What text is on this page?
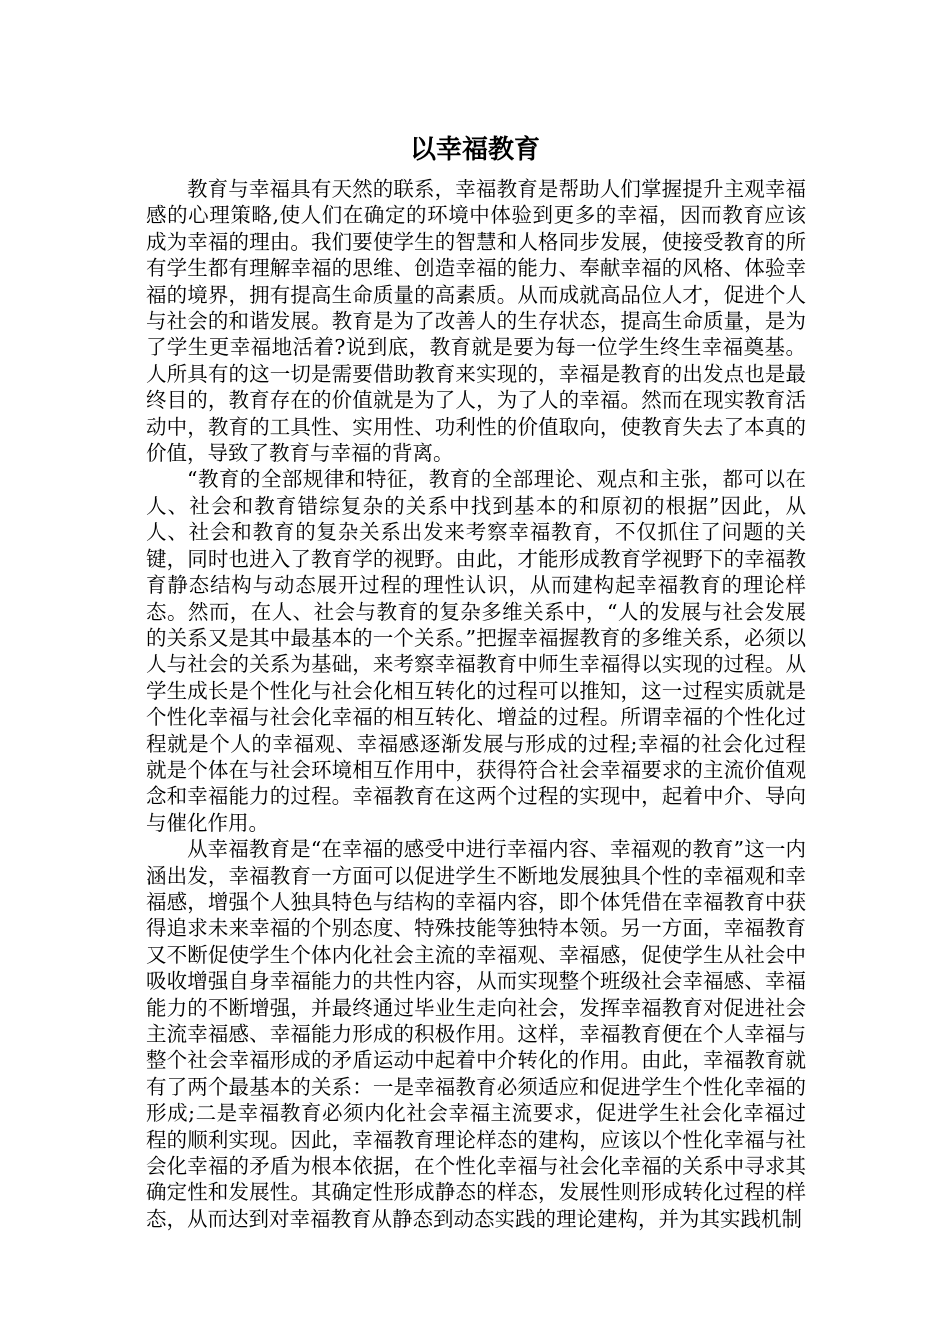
以幸福教育

教育与幸福具有天然的联系，幸福教育是帮助人们掌握提升主观幸福感的心理策略,使人们在确定的环境中体验到更多的幸福，因而教育应该成为幸福的理由。我们要使学生的智慧和人格同步发展，使接受教育的所有学生都有理解幸福的思维、创造幸福的能力、奉献幸福的风格、体验幸福的境界，拥有提高生命质量的高素质。从而成就高品位人才，促进个人与社会的和谐发展。教育是为了改善人的生存状态，提高生命质量，是为了学生更幸福地活着?说到底，教育就是要为每一位学生终生幸福奠基。人所具有的这一切是需要借助教育来实现的，幸福是教育的出发点也是最终目的，教育存在的价值就是为了人，为了人的幸福。然而在现实教育活动中，教育的工具性、实用性、功利性的价值取向，使教育失去了本真的价值，导致了教育与幸福的背离。

“教育的全部规律和特征，教育的全部理论、观点和主张，都可以在人、社会和教育错综复杂的关系中找到基本的和原初的根据”因此，从人、社会和教育的复杂关系出发来考察幸福教育，不仅抓住了问题的关键，同时也进入了教育学的视野。由此，才能形成教育学视野下的幸福教育静态结构与动态展开过程的理性认识，从而建构起幸福教育的理论样态。然而，在人、社会与教育的复杂多维关系中，“人的发展与社会发展的关系又是其中最基本的一个关系。”把握幸福握教育的多维关系，必须以人与社会的关系为基础，来考察幸福教育中师生幸福得以实现的过程。从学生成长是个性化与社会化相互转化的过程可以推知，这一过程实质就是个性化幸福与社会化幸福的相互转化、增益的过程。所谓幸福的个性化过程就是个人的幸福观、幸福感逐渐发展与形成的过程;幸福的社会化过程就是个体在与社会环境相互作用中，获得符合社会幸福要求的主流价值观念和幸福能力的过程。幸福教育在这两个过程的实现中，起着中介、导向与催化作用。

从幸福教育是“在幸福的感受中进行幸福内容、幸福观的教育”这一内涵出发，幸福教育一方面可以促进学生不断地发展独具个性的幸福观和幸福感，增强个人独具特色与结构的幸福内容，即个体凭借在幸福教育中获得追求未来幸福的个别态度、特殊技能等独特本领。另一方面，幸福教育又不断促使学生个体内化社会主流的幸福观、幸福感，促使学生从社会中吸收增强自身幸福能力的共性内容，从而实现整个班级社会幸福感、幸福能力的不断增强，并最终通过毕业生走向社会，发挥幸福教育对促进社会主流幸福感、幸福能力形成的积极作用。这样，幸福教育便在个人幸福与整个社会幸福形成的矛盾运动中起着中介转化的作用。由此，幸福教育就有了两个最基本的关系：一是幸福教育必须适应和促进学生个性化幸福的形成;二是幸福教育必须内化社会幸福主流要求，促进学生社会化幸福过程的顺利实现。因此，幸福教育理论样态的建构，应该以个性化幸福与社会化幸福的矛盾为根本依据，在个性化幸福与社会化幸福的关系中寻求其确定性和发展性。其确定性形成静态的样态，发展性则形成转化过程的样态，从而达到对幸福教育从静态到动态实践的理论建构，并为其实践机制
